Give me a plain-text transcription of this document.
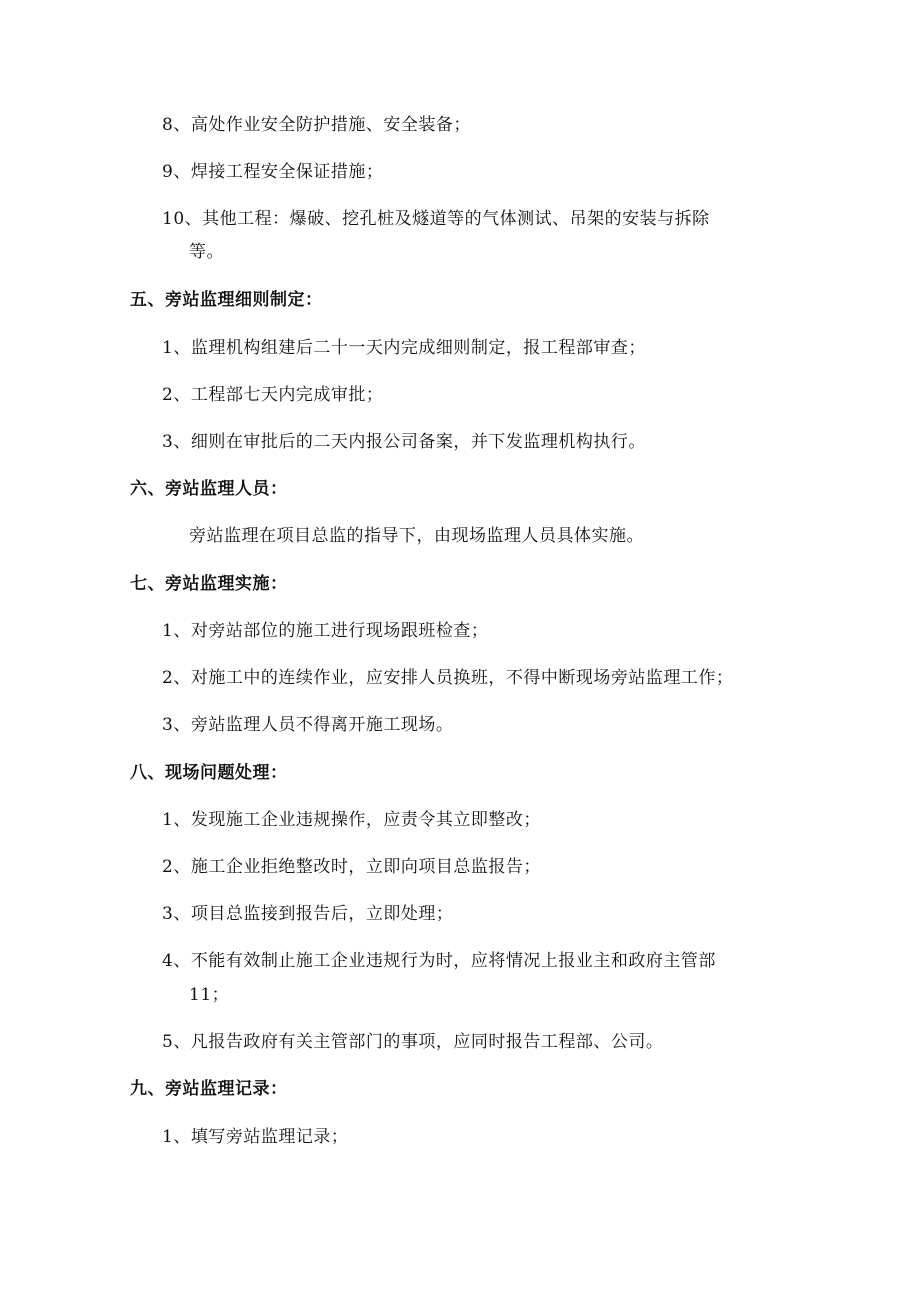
8、高处作业安全防护措施、安全装备；
9、焊接工程安全保证措施；
10、其他工程：爆破、挖孔桩及燧道等的气体测试、吊架的安装与拆除
等。
五、旁站监理细则制定：
1、监理机构组建后二十一天内完成细则制定，报工程部审查；
2、工程部七天内完成审批；
3、细则在审批后的二天内报公司备案，并下发监理机构执行。
六、旁站监理人员：
旁站监理在项目总监的指导下，由现场监理人员具体实施。
七、旁站监理实施：
1、对旁站部位的施工进行现场跟班检查；
2、对施工中的连续作业，应安排人员换班，不得中断现场旁站监理工作；
3、旁站监理人员不得离开施工现场。
八、现场问题处理：
1、发现施工企业违规操作，应责令其立即整改；
2、施工企业拒绝整改时，立即向项目总监报告；
3、项目总监接到报告后，立即处理；
4、不能有效制止施工企业违规行为时，应将情况上报业主和政府主管部
11；
5、凡报告政府有关主管部门的事项，应同时报告工程部、公司。
九、旁站监理记录：
1、填写旁站监理记录；
